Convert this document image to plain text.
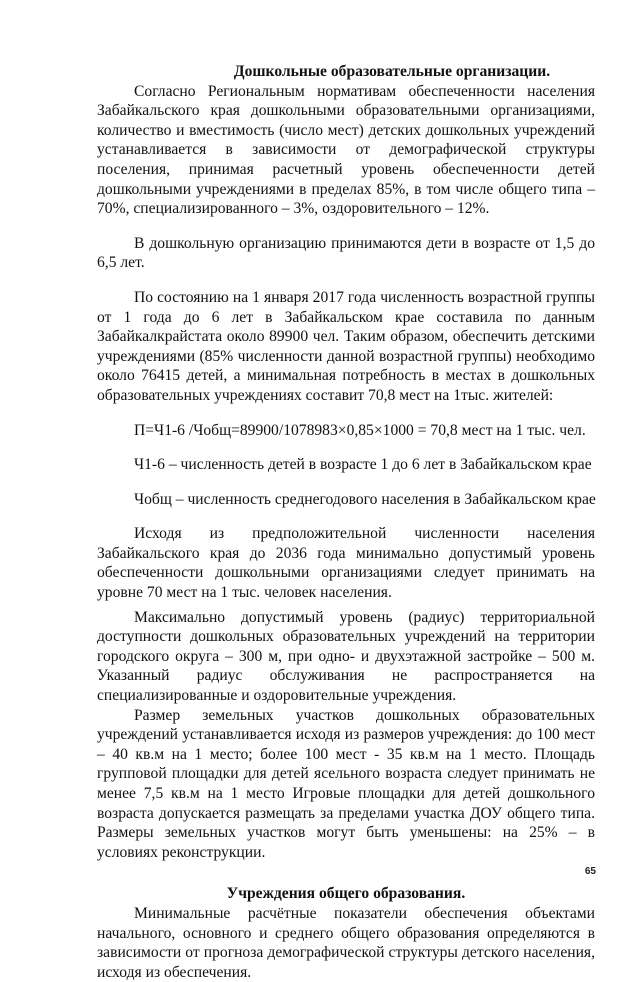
Дошкольные образовательные организации.

Согласно Региональным нормативам обеспеченности населения Забайкальского края дошкольными образовательными организациями, количество и вместимость (число мест) детских дошкольных учреждений устанавливается в зависимости от демографической структуры поселения, принимая расчетный уровень обеспеченности детей дошкольными учреждениями в пределах 85%, в том числе общего типа – 70%, специализированного – 3%, оздоровительного – 12%.

В дошкольную организацию принимаются дети в возрасте от 1,5 до 6,5 лет.

По состоянию на 1 января 2017 года численность возрастной группы от 1 года до 6 лет в Забайкальском крае составила по данным Забайкалкрайстата около 89900 чел. Таким образом, обеспечить детскими учреждениями (85% численности данной возрастной группы) необходимо около 76415 детей, а минимальная потребность в местах в дошкольных образовательных учреждениях составит 70,8 мест на 1тыс. жителей:

П=Ч1-6 /Чобщ=89900/1078983×0,85×1000 = 70,8 мест на 1 тыс. чел.

Ч1-6 – численность детей в возрасте 1 до 6 лет в Забайкальском крае

Чобщ – численность среднегодового населения в Забайкальском крае

Исходя из предположительной численности населения Забайкальского края до 2036 года минимально допустимый уровень обеспеченности дошкольными организациями следует принимать на уровне 70 мест на 1 тыс. человек населения.

Максимально допустимый уровень (радиус) территориальной доступности дошкольных образовательных учреждений на территории городского округа – 300 м, при одно- и двухэтажной застройке – 500 м. Указанный радиус обслуживания не распространяется на специализированные и оздоровительные учреждения.

Размер земельных участков дошкольных образовательных учреждений устанавливается исходя из размеров учреждения: до 100 мест – 40 кв.м на 1 место; более 100 мест - 35 кв.м на 1 место. Площадь групповой площадки для детей ясельного возраста следует принимать не менее 7,5 кв.м на 1 место Игровые площадки для детей дошкольного возраста допускается размещать за пределами участка ДОУ общего типа. Размеры земельных участков могут быть уменьшены: на 25% – в условиях реконструкции.

Учреждения общего образования.

Минимальные расчётные показатели обеспечения объектами начального, основного и среднего общего образования определяются в зависимости от прогноза демографической структуры детского населения, исходя из обеспечения.

65
